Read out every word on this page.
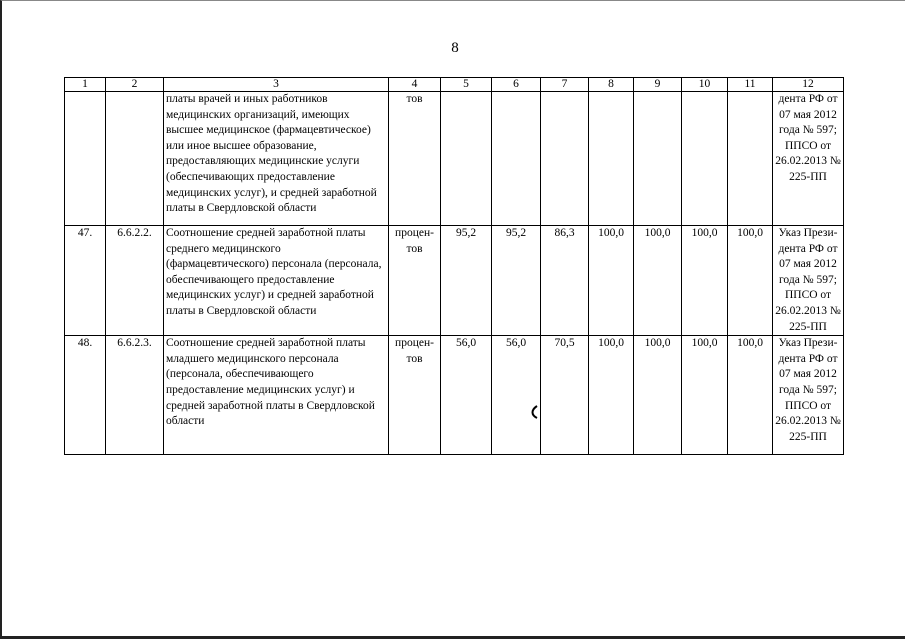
8
1	2	3	4	5	6	7	8	9	10	11	12
		платы врачей и иных работников медицинских организаций, имеющих высшее медицинское (фармацевтическое) или иное высшее образование, предоставляющих медицинские услуги (обеспечивающих предоставление медицинских услуг), и средней заработной платы в Свердловской области	тов								дента РФ от 07 мая 2012 года № 597; ППСО от 26.02.2013 № 225-ПП
47.	6.6.2.2.	Соотношение средней заработной платы среднего медицинского (фармацевтического) персонала (персонала, обеспечивающего предоставление медицинских услуг) и средней заработной платы в Свердловской области	процен-тов	95,2	95,2	86,3	100,0	100,0	100,0	100,0	Указ Прези-дента РФ от 07 мая 2012 года № 597; ППСО от 26.02.2013 № 225-ПП
48.	6.6.2.3.	Соотношение средней заработной платы младшего медицинского персонала (персонала, обеспечивающего предоставление медицинских услуг) и средней заработной платы в Свердловской области	процен-тов	56,0	56,0	70,5	100,0	100,0	100,0	100,0	Указ Прези-дента РФ от 07 мая 2012 года № 597; ППСО от 26.02.2013 № 225-ПП
